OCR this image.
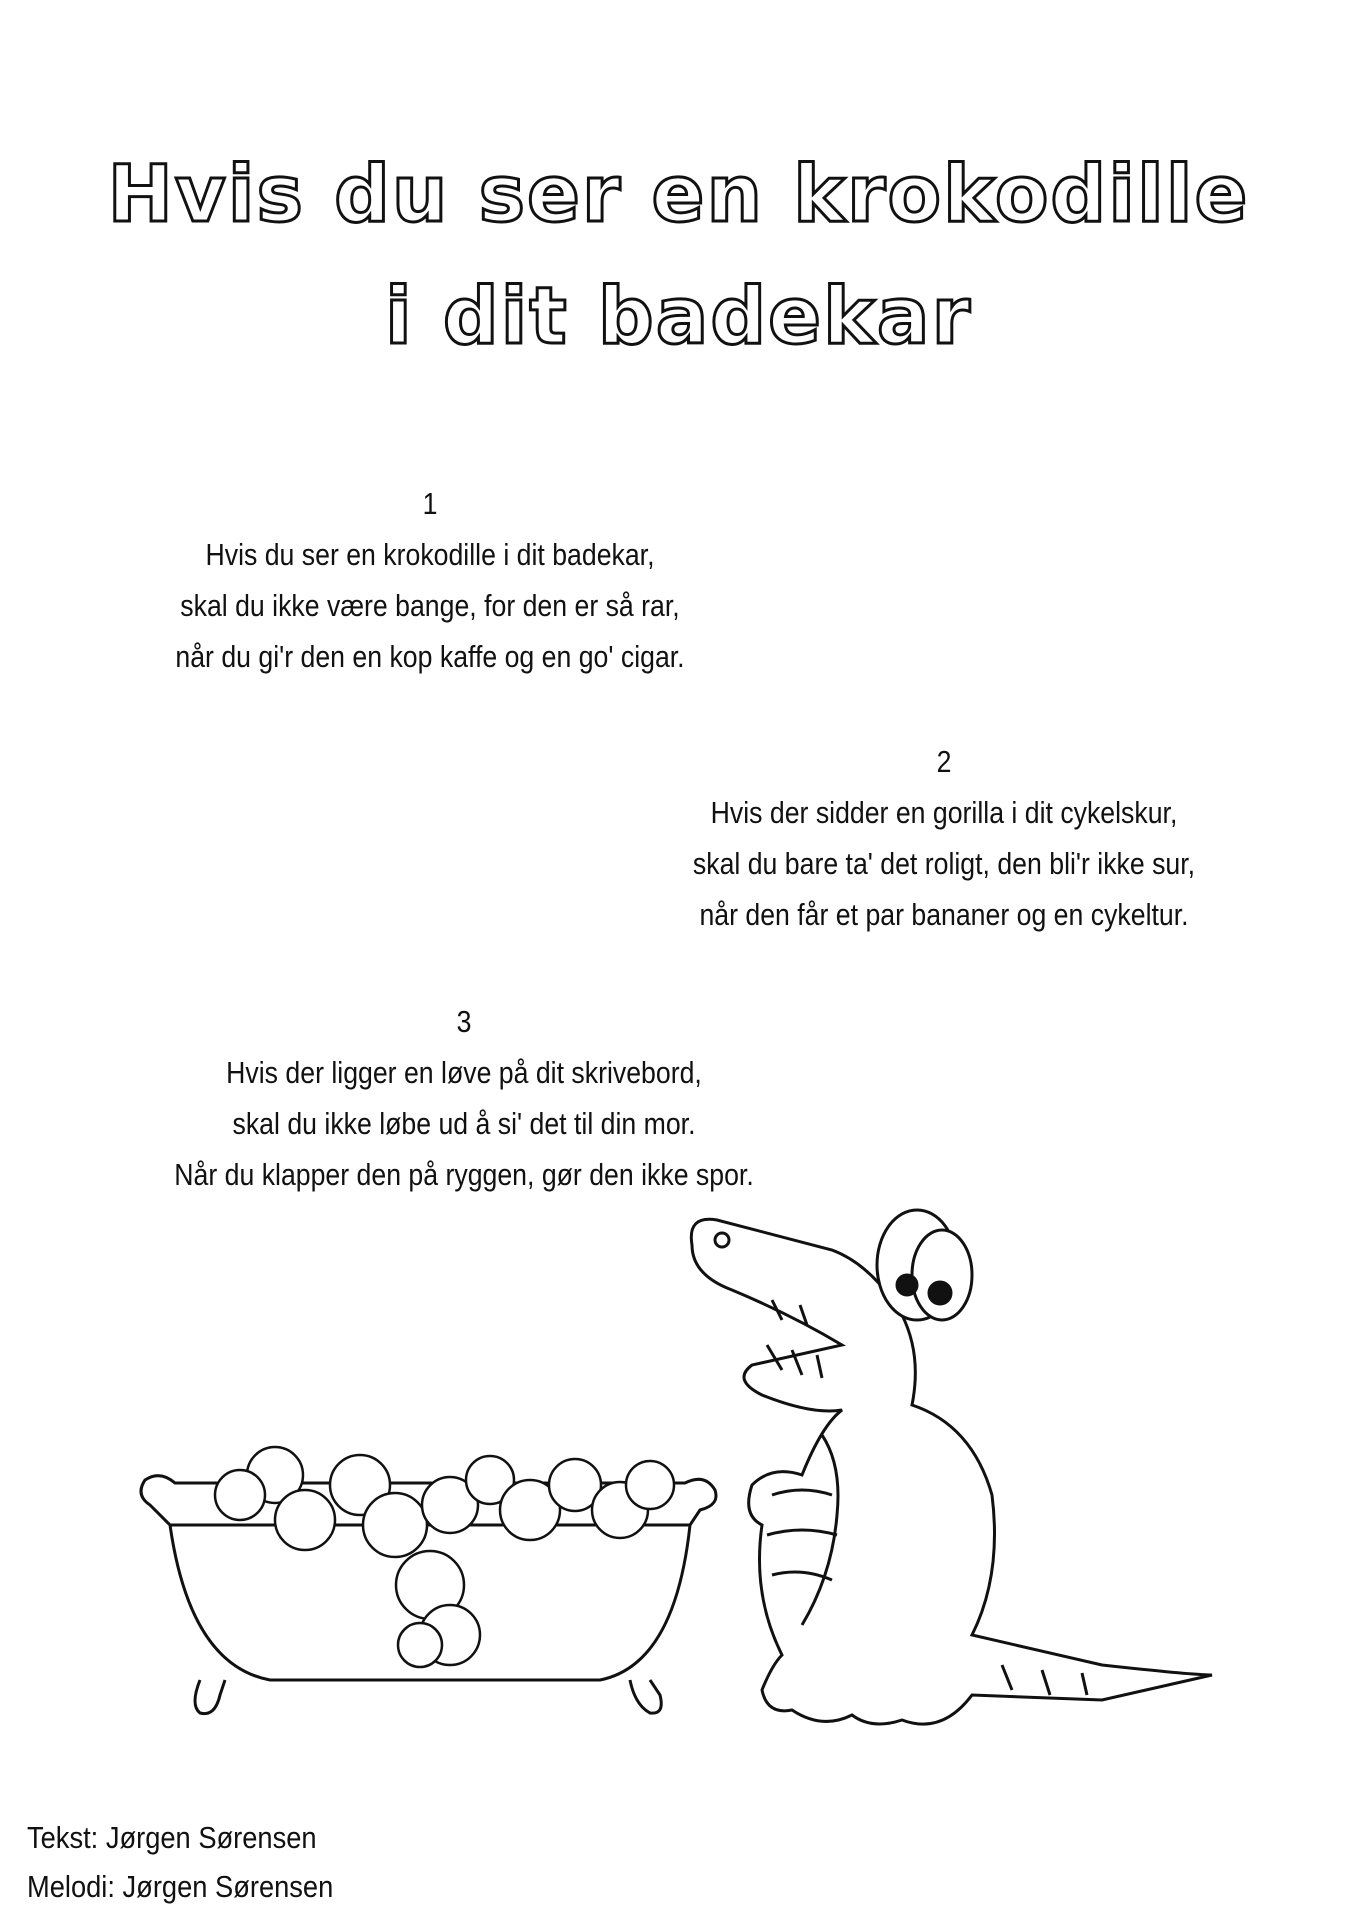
Hvis du ser en krokodille
i dit badekar
1
Hvis du ser en krokodille i dit badekar,
skal du ikke være bange, for den er så rar,
når du gi'r den en kop kaffe og en go' cigar.
2
Hvis der sidder en gorilla i dit cykelskur,
skal du bare ta' det roligt, den bli'r ikke sur,
når den får et par bananer og en cykeltur.
3
Hvis der ligger en løve på dit skrivebord,
skal du ikke løbe ud å si' det til din mor.
Når du klapper den på ryggen, gør den ikke spor.
Tekst: Jørgen Sørensen
Melodi: Jørgen Sørensen
